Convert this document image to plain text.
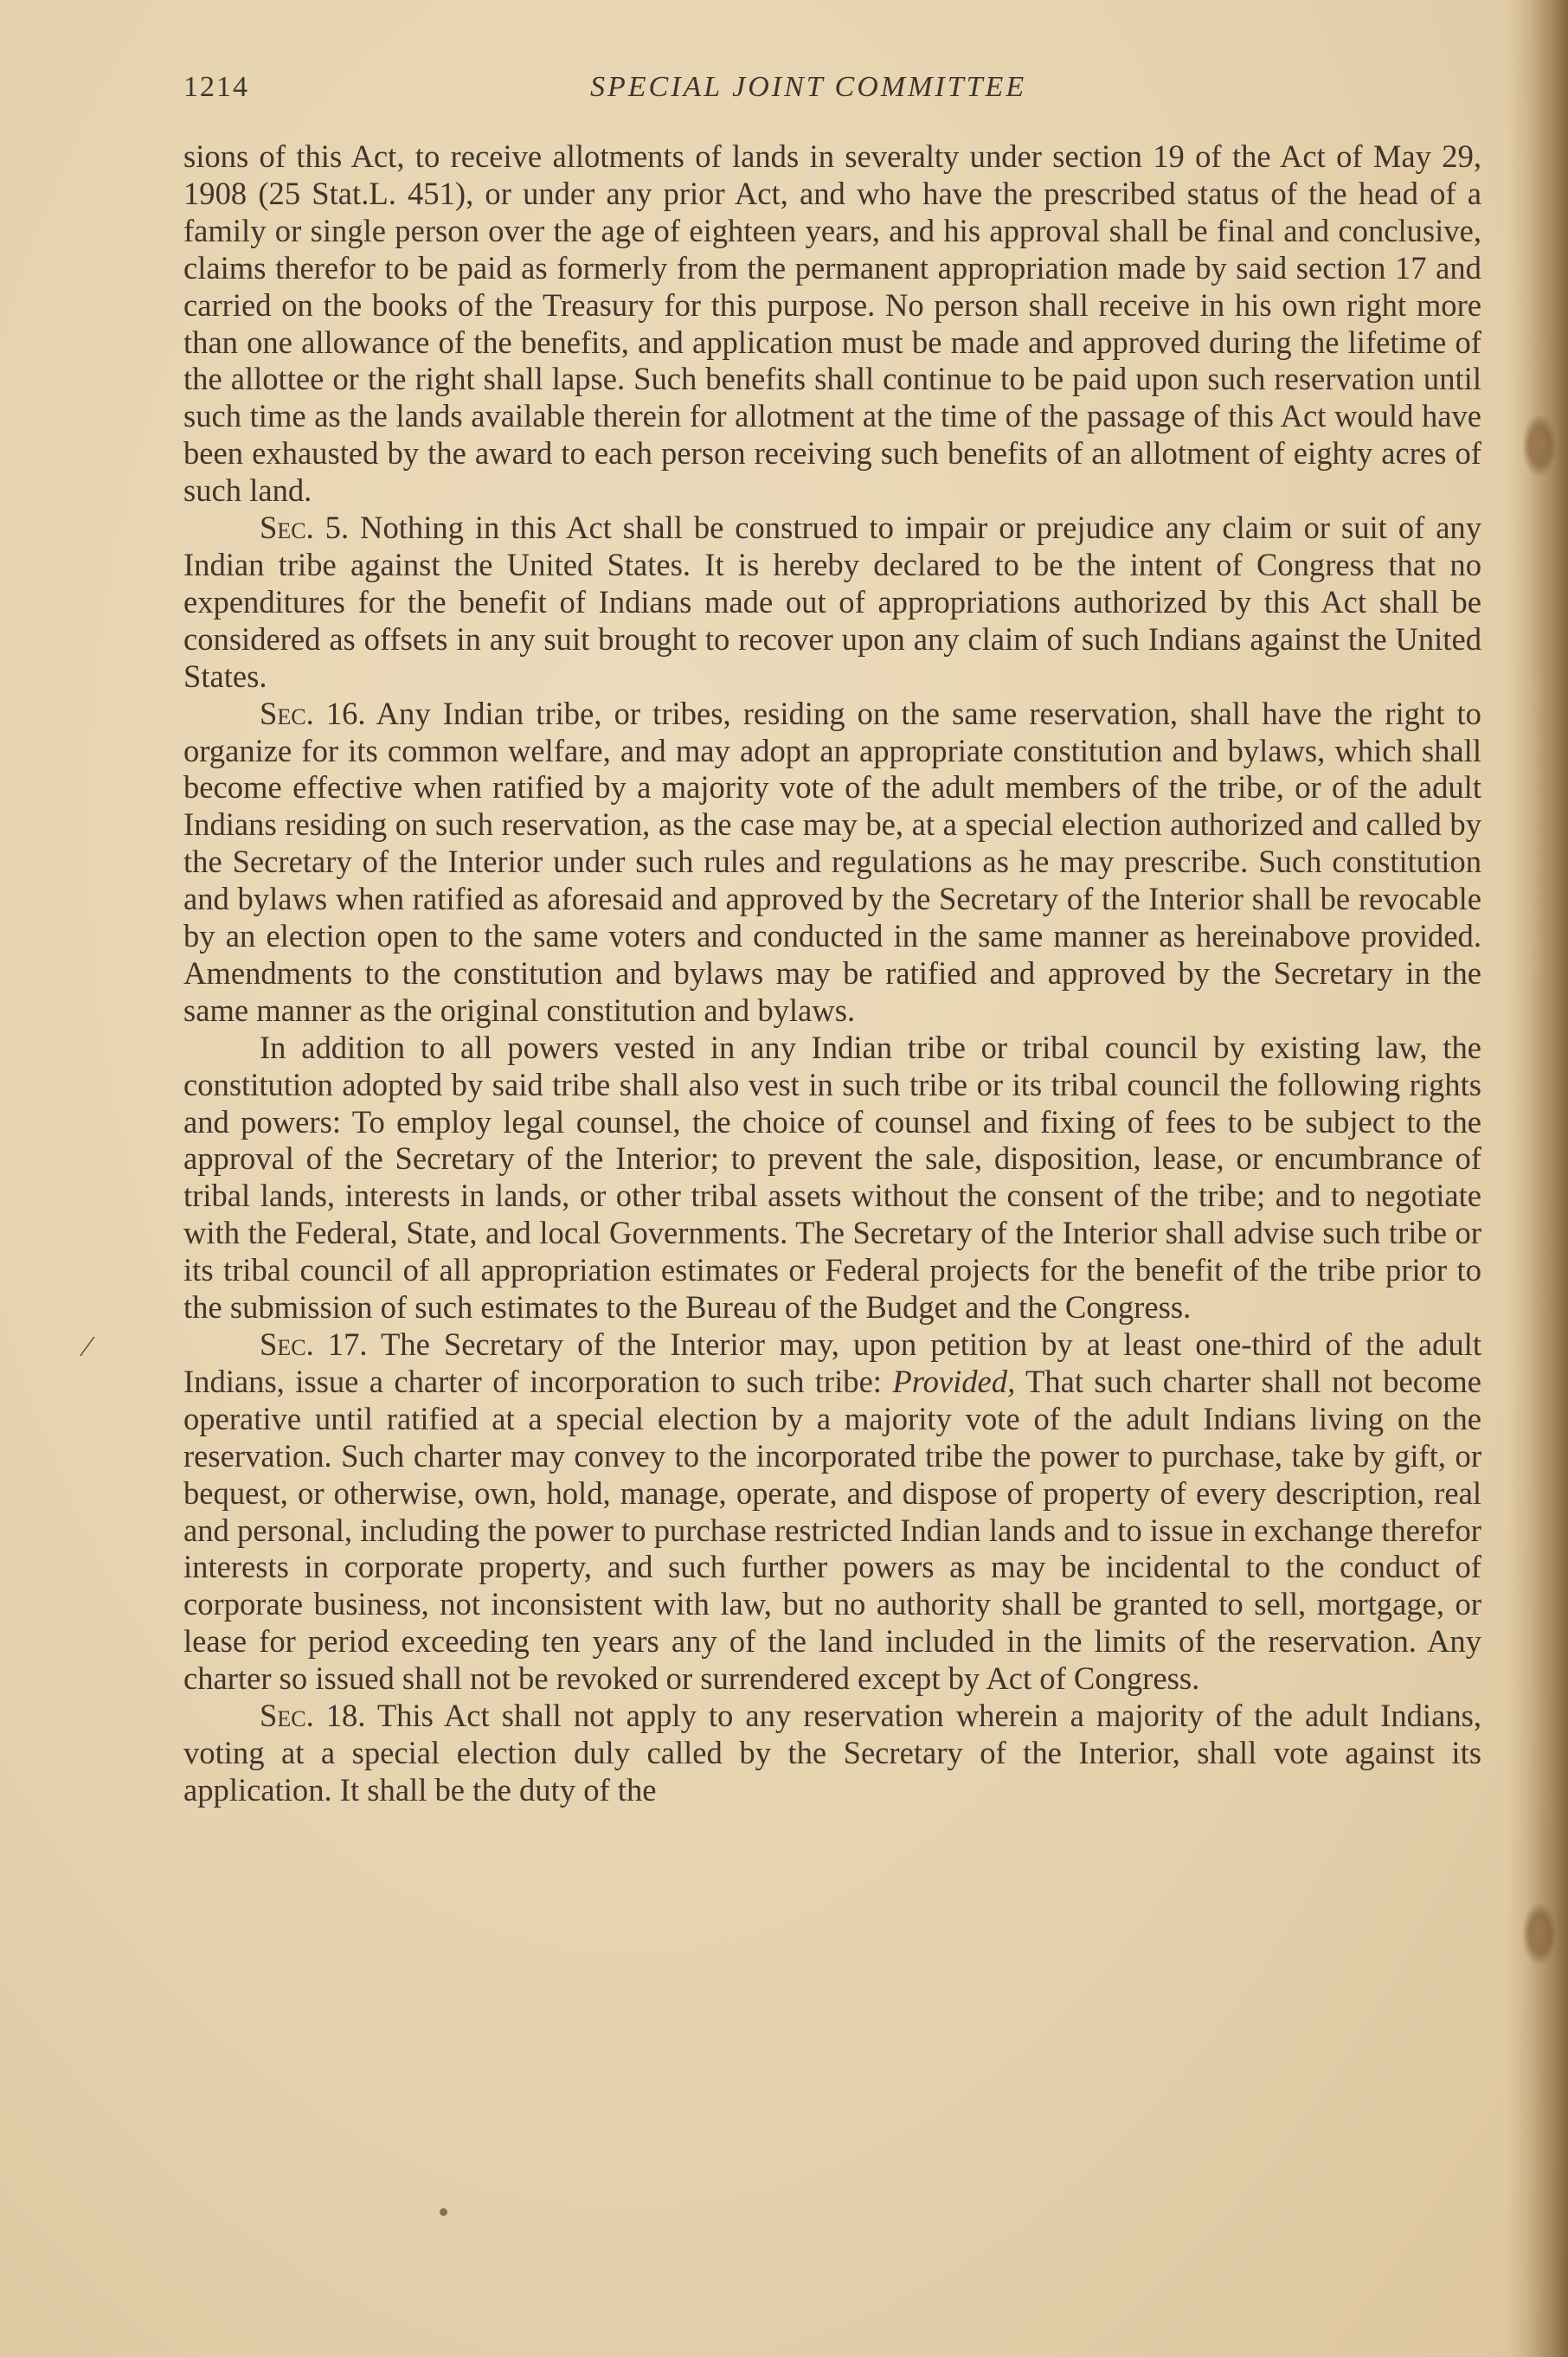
1214	SPECIAL JOINT COMMITTEE

sions of this Act, to receive allotments of lands in severalty under section 19 of the Act of May 29, 1908 (25 Stat.L. 451), or under any prior Act, and who have the prescribed status of the head of a family or single person over the age of eighteen years, and his approval shall be final and conclusive, claims therefor to be paid as formerly from the permanent appropriation made by said section 17 and carried on the books of the Treasury for this purpose. No person shall receive in his own right more than one allowance of the benefits, and application must be made and approved during the lifetime of the allottee or the right shall lapse. Such benefits shall continue to be paid upon such reservation until such time as the lands available therein for allotment at the time of the passage of this Act would have been exhausted by the award to each person receiving such benefits of an allotment of eighty acres of such land.

Sec. 5. Nothing in this Act shall be construed to impair or prejudice any claim or suit of any Indian tribe against the United States. It is hereby declared to be the intent of Congress that no expenditures for the benefit of Indians made out of appropriations authorized by this Act shall be considered as offsets in any suit brought to recover upon any claim of such Indians against the United States.

Sec. 16. Any Indian tribe, or tribes, residing on the same reservation, shall have the right to organize for its common welfare, and may adopt an appropriate constitution and bylaws, which shall become effective when ratified by a majority vote of the adult members of the tribe, or of the adult Indians residing on such reservation, as the case may be, at a special election authorized and called by the Secretary of the Interior under such rules and regulations as he may prescribe. Such constitution and bylaws when ratified as aforesaid and approved by the Secretary of the Interior shall be revocable by an election open to the same voters and conducted in the same manner as hereinabove provided. Amendments to the constitution and bylaws may be ratified and approved by the Secretary in the same manner as the original constitution and bylaws.

In addition to all powers vested in any Indian tribe or tribal council by existing law, the constitution adopted by said tribe shall also vest in such tribe or its tribal council the following rights and powers: To employ legal counsel, the choice of counsel and fixing of fees to be subject to the approval of the Secretary of the Interior; to prevent the sale, disposition, lease, or encumbrance of tribal lands, interests in lands, or other tribal assets without the consent of the tribe; and to negotiate with the Federal, State, and local Governments. The Secretary of the Interior shall advise such tribe or its tribal council of all appropriation estimates or Federal projects for the benefit of the tribe prior to the submission of such estimates to the Bureau of the Budget and the Congress.

Sec. 17. The Secretary of the Interior may, upon petition by at least one-third of the adult Indians, issue a charter of incorporation to such tribe: Provided, That such charter shall not become operative until ratified at a special election by a majority vote of the adult Indians living on the reservation. Such charter may convey to the incorporated tribe the power to purchase, take by gift, or bequest, or otherwise, own, hold, manage, operate, and dispose of property of every description, real and personal, including the power to purchase restricted Indian lands and to issue in exchange therefor interests in corporate property, and such further powers as may be incidental to the conduct of corporate business, not inconsistent with law, but no authority shall be granted to sell, mortgage, or lease for period exceeding ten years any of the land included in the limits of the reservation. Any charter so issued shall not be revoked or surrendered except by Act of Congress.

Sec. 18. This Act shall not apply to any reservation wherein a majority of the adult Indians, voting at a special election duly called by the Secretary of the Interior, shall vote against its application. It shall be the duty of the

⁄
